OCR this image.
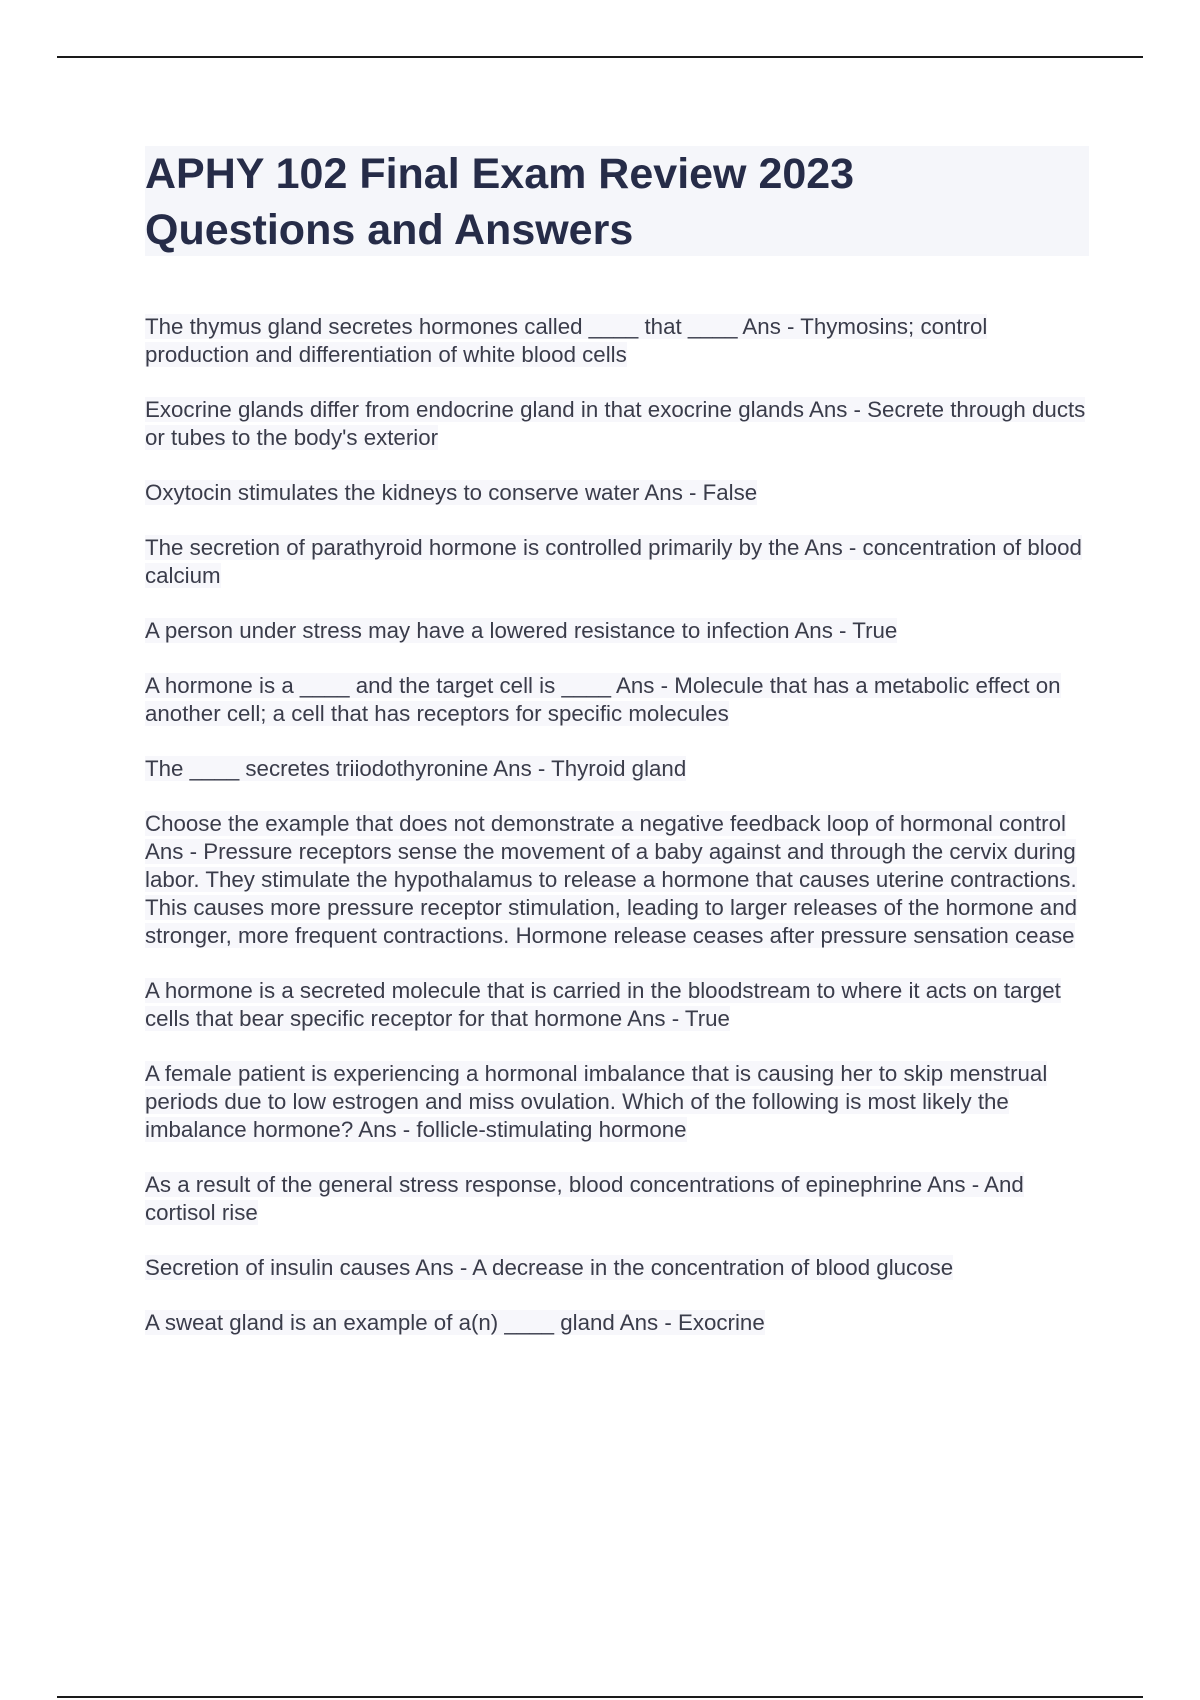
APHY 102 Final Exam Review 2023
Questions and Answers
The thymus gland secretes hormones called ____ that ____ Ans - Thymosins; control production and differentiation of white blood cells
Exocrine glands differ from endocrine gland in that exocrine glands Ans - Secrete through ducts or tubes to the body's exterior
Oxytocin stimulates the kidneys to conserve water Ans - False
The secretion of parathyroid hormone is controlled primarily by the Ans - concentration of blood calcium
A person under stress may have a lowered resistance to infection Ans - True
A hormone is a ____ and the target cell is ____ Ans - Molecule that has a metabolic effect on another cell; a cell that has receptors for specific molecules
The ____ secretes triiodothyronine Ans - Thyroid gland
Choose the example that does not demonstrate a negative feedback loop of hormonal control Ans - Pressure receptors sense the movement of a baby against and through the cervix during labor. They stimulate the hypothalamus to release a hormone that causes uterine contractions. This causes more pressure receptor stimulation, leading to larger releases of the hormone and stronger, more frequent contractions. Hormone release ceases after pressure sensation cease
A hormone is a secreted molecule that is carried in the bloodstream to where it acts on target cells that bear specific receptor for that hormone Ans - True
A female patient is experiencing a hormonal imbalance that is causing her to skip menstrual periods due to low estrogen and miss ovulation. Which of the following is most likely the imbalance hormone? Ans - follicle-stimulating hormone
As a result of the general stress response, blood concentrations of epinephrine Ans - And cortisol rise
Secretion of insulin causes Ans - A decrease in the concentration of blood glucose
A sweat gland is an example of a(n) ____ gland Ans - Exocrine
